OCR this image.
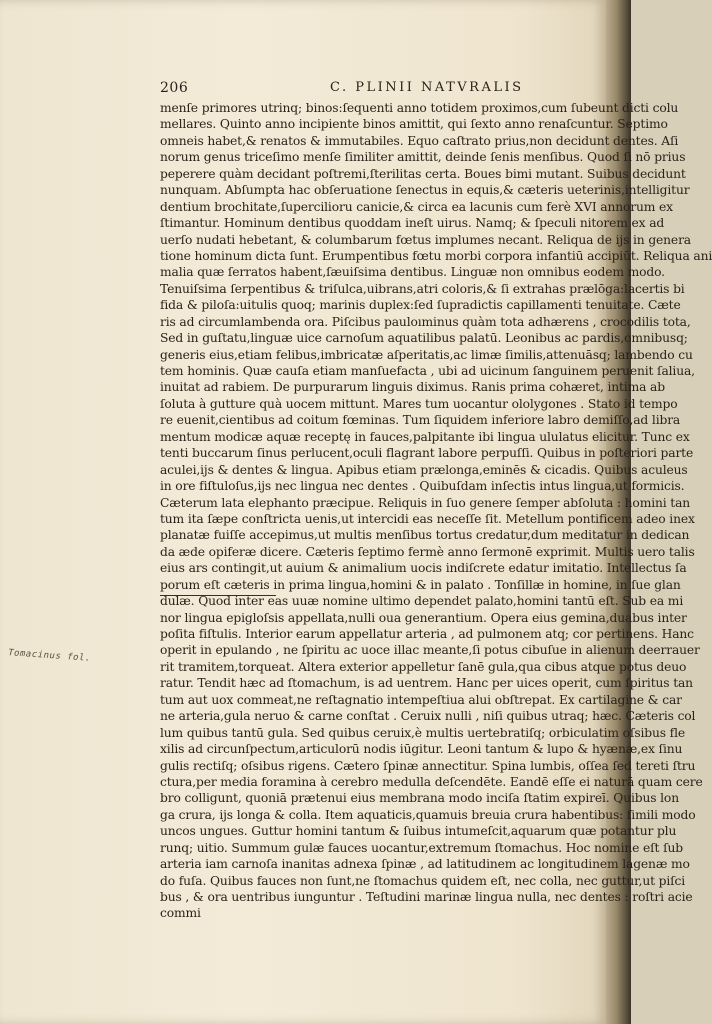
206	C. PLINII NATVRALIS
Tomacinus fol.
menſe primores utrinq; binos:ſequenti anno totidem proximos,cum ſubeunt dicti colu
mellares. Quinto anno incipiente binos amittit, qui ſexto anno renaſcuntur. Septimo
omneis habet,& renatos & immutabiles. Equo caſtrato prius,non decidunt dentes. Aſi
norum genus triceſimo menſe ſimiliter amittit, deinde ſenis menſibus. Quod ſi nō prius
peperere quàm decidant poſtremi,ſterilitas certa. Boues bimi mutant. Suibus decidunt
nunquam. Abſumpta hac obſeruatione ſenectus in equis,& cæteris ueterinis,intelligitur
dentium brochitate,ſupercilioru canicie,& circa ea lacunis cum ferè XVI annorum ex
ſtimantur. Hominum dentibus quoddam ineſt uirus. Namq; & ſpeculi nitorem ex ad
uerſo nudati hebetant, & columbarum fœtus implumes necant. Reliqua de ijs in genera
tione hominum dicta ſunt. Erumpentibus fœtu morbi corpora infantiū accipiūt. Reliqua ani
malia quæ ſerratos habent,ſæuiſsima dentibus. Linguæ non omnibus eodem modo.
Tenuiſsima ſerpentibus & triſulca,uibrans,atri coloris,& ſi extrahas prælōga:lacertis bi
fida & piloſa:uitulis quoq; marinis duplex:ſed ſupradictis capillamenti tenuitate. Cæte
ris ad circumlambenda ora. Piſcibus pauloıminus quàm tota adhærens , crocodilis tota,
Sed in guſtatu,linguæ uice carnoſum aquatilibus palatū. Leonibus ac pardis,omnibusq;
generis eius,etiam felibus,imbricatæ aſperitatis,ac limæ ſimilis,attenuāsq; lambendo cu
tem hominis. Quæ cauſa etiam manſuefacta , ubi ad uicinum ſanguinem peruenit ſaliua,
inuitat ad rabiem. De purpurarum linguis diximus. Ranis prima cohæret, intima ab
ſoluta à gutture quà uocem mittunt. Mares tum uocantur ololygones . Stato id tempo
re euenit,cientibus ad coitum fœminas. Tum ſiquidem inferiore labro demiſſo,ad libra
mentum modicæ aquæ receptę in fauces,palpitante ibi lingua ululatus elicitur. Tunc ex
tenti buccarum ſinus perlucent,oculi flagrant labore perpuſſi. Quibus in poſteriori parte
aculei,ijs & dentes & lingua. Apibus etiam prælonga,eminēs & cicadis. Quibus aculeus
in ore fiſtuloſus,ijs nec lingua nec dentes . Quibuſdam inſectis intus lingua,ut formicis.
Cæterum lata elephanto præcipue. Reliquis in ſuo genere ſemper abſoluta : homini tan
tum ita ſæpe conſtricta uenis,ut intercidi eas neceſſe ſit. Metellum pontificem adeo inex
planatæ fuiſſe accepimus,ut multis menſibus tortus credatur,dum meditatur in dedican
da æde opiferæ dicere. Cæteris ſeptimo fermè anno ſermonē exprimit. Multis uero talis
eius ars contingit,ut auium & animalium uocis indiſcrete edatur imitatio. Intellectus ſa
porum eſt cæteris in prima lingua,homini & in palato . Tonſillæ in homine, in ſue glan
dulæ. Quod inter eas uuæ nomine ultimo dependet palato,homini tantū eſt. Sub ea mi
nor lingua epigloſsis appellata,nulli oua generantium. Opera eius gemina,duabus inter
poſita fiſtulis. Interior earum appellatur arteria , ad pulmonem atq; cor pertinens. Hanc
operit in epulando , ne ſpiritu ac uoce illac meante,ſi potus cibuſue in alienum deerrauer
rit tramitem,torqueat. Altera exterior appelletur ſanē gula,qua cibus atque potus deuo
ratur. Tendit hæc ad ſtomachum, is ad uentrem. Hanc per uices operit, cum ſpiritus tan
tum aut uox commeat,ne reſtagnatio intempeſtiua alui obſtrepat. Ex cartilagine & car
ne arteria,gula neruo & carne conſtat . Ceruix nulli , niſi quibus utraq; hæc. Cæteris col
lum quibus tantū gula. Sed quibus ceruix,è multis uertebratiſq; orbiculatim oſsibus fle
xilis ad circunſpectum,articulorū nodis iūgitur. Leoni tantum & lupo & hyænæ,ex ſinu
gulis rectiſq; oſsibus rigens. Cætero ſpinæ annectitur. Spina lumbis, oſſea ſed tereti ſtru
ctura,per media foramina à cerebro medulla deſcendēte. Eandē eſſe ei naturā quam cere
bro colligunt, quoniā prætenui eius membrana modo inciſa ſtatim expireī. Quibus lon
ga crura, ijs longa & colla. Item aquaticis,quamuis breuia crura habentibus: ſimili modo
uncos ungues. Guttur homini tantum & ſuibus intumeſcit,aquarum quæ potantur plu
runq; uitio. Summum gulæ fauces uocantur,extremum ſtomachus. Hoc nomine eſt ſub
arteria iam carnoſa inanitas adnexa ſpinæ , ad latitudinem ac longitudinem lagenæ mo
do fuſa. Quibus fauces non ſunt,ne ſtomachus quidem eſt, nec colla, nec guttur,ut piſci
bus , & ora uentribus iunguntur . Teſtudini marinæ lingua nulla, nec dentes : roſtri acie
commi
